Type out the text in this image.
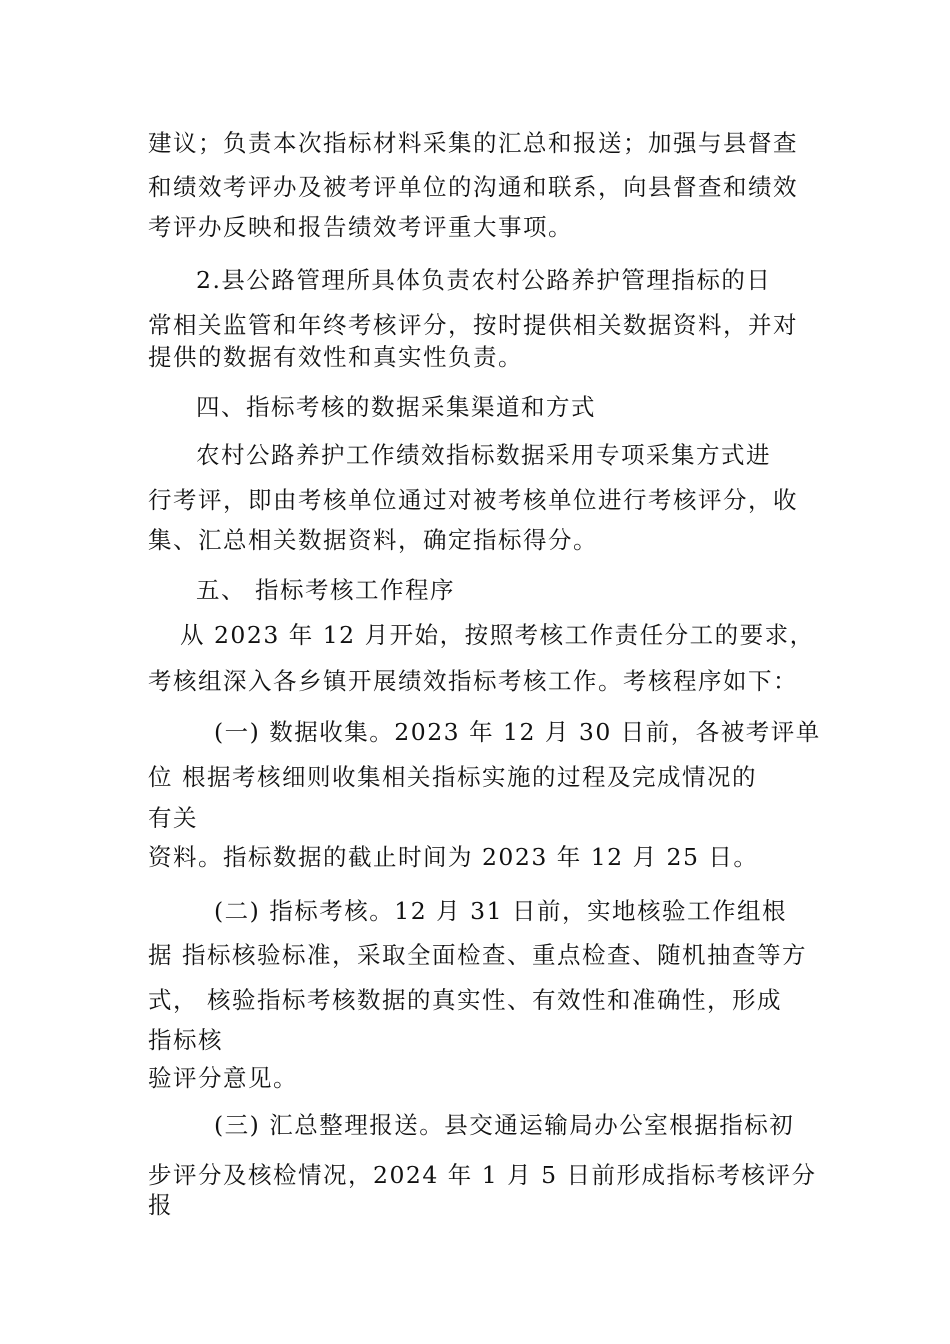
建议；负责本次指标材料采集的汇总和报送；加强与县督查
和绩效考评办及被考评单位的沟通和联系，向县督查和绩效
考评办反映和报告绩效考评重大事项。
2.县公路管理所具体负责农村公路养护管理指标的日
常相关监管和年终考核评分，按时提供相关数据资料，并对
提供的数据有效性和真实性负责。
四、指标考核的数据采集渠道和方式
农村公路养护工作绩效指标数据采用专项采集方式进
行考评，即由考核单位通过对被考核单位进行考核评分，收
集、汇总相关数据资料，确定指标得分。
五、 指标考核工作程序
从 2023 年 12 月开始，按照考核工作责任分工的要求，
考核组深入各乡镇开展绩效指标考核工作。考核程序如下：
(一) 数据收集。2023 年 12 月 30 日前，各被考评单
位 根据考核细则收集相关指标实施的过程及完成情况的
有关
资料。指标数据的截止时间为 2023 年 12 月 25 日。
(二) 指标考核。12 月 31 日前，实地核验工作组根
据 指标核验标准，采取全面检查、重点检查、随机抽查等方
式， 核验指标考核数据的真实性、有效性和准确性，形成
指标核
验评分意见。
(三) 汇总整理报送。县交通运输局办公室根据指标初
步评分及核检情况，2024 年 1 月 5 日前形成指标考核评分
报
